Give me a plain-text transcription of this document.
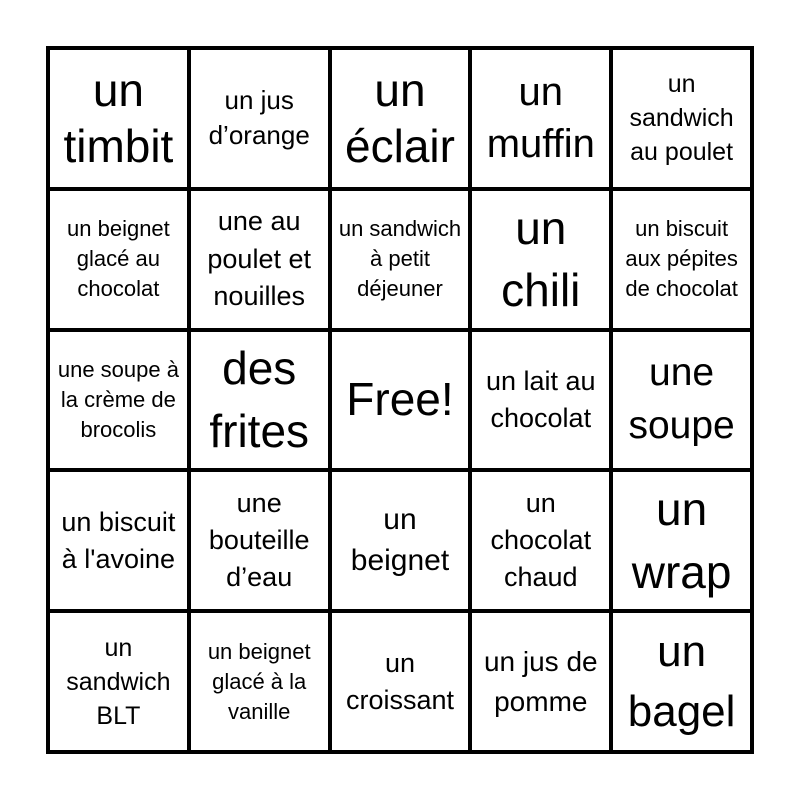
un timbit
un jus d’orange
un éclair
un muffin
un sandwich au poulet
un beignet glacé au chocolat
une au poulet et nouilles
un sandwich à petit déjeuner
un chili
un biscuit aux pépites de chocolat
une soupe à la crème de brocolis
des frites
Free! un lait au chocolat
une soupe
un biscuit à l'avoine
une bouteille d’eau
un beignet
un chocolat chaud
un wrap
un sandwich BLT
un beignet glacé à la vanille
un croissant
un jus de pomme
un bagel
